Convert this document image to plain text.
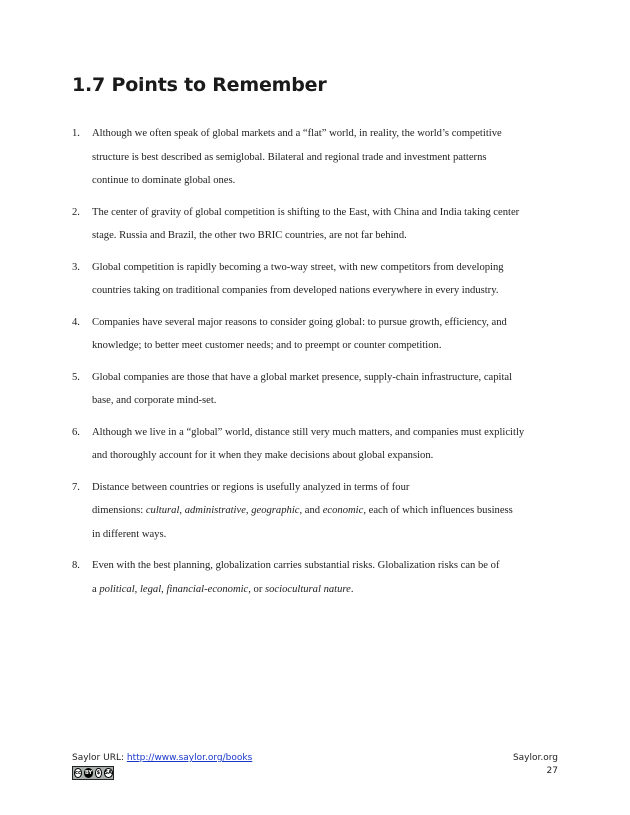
1.7 Points to Remember
1.	Although we often speak of global markets and a “flat” world, in reality, the world’s competitive
structure is best described as semiglobal. Bilateral and regional trade and investment patterns
continue to dominate global ones.
2.	The center of gravity of global competition is shifting to the East, with China and India taking center
stage. Russia and Brazil, the other two BRIC countries, are not far behind.
3.	Global competition is rapidly becoming a two-way street, with new competitors from developing
countries taking on traditional companies from developed nations everywhere in every industry.
4.	Companies have several major reasons to consider going global: to pursue growth, efficiency, and
knowledge; to better meet customer needs; and to preempt or counter competition.
5.	Global companies are those that have a global market presence, supply-chain infrastructure, capital
base, and corporate mind-set.
6.	Although we live in a “global” world, distance still very much matters, and companies must explicitly
and thoroughly account for it when they make decisions about global expansion.
7.	Distance between countries or regions is usefully analyzed in terms of four
dimensions: cultural, administrative, geographic, and economic, each of which influences business
in different ways.
8.	Even with the best planning, globalization carries substantial risks. Globalization risks can be of
a political, legal, financial-economic, or sociocultural nature.
Saylor URL: http://www.saylor.org/books	Saylor.org
27
cc BY $ SA
